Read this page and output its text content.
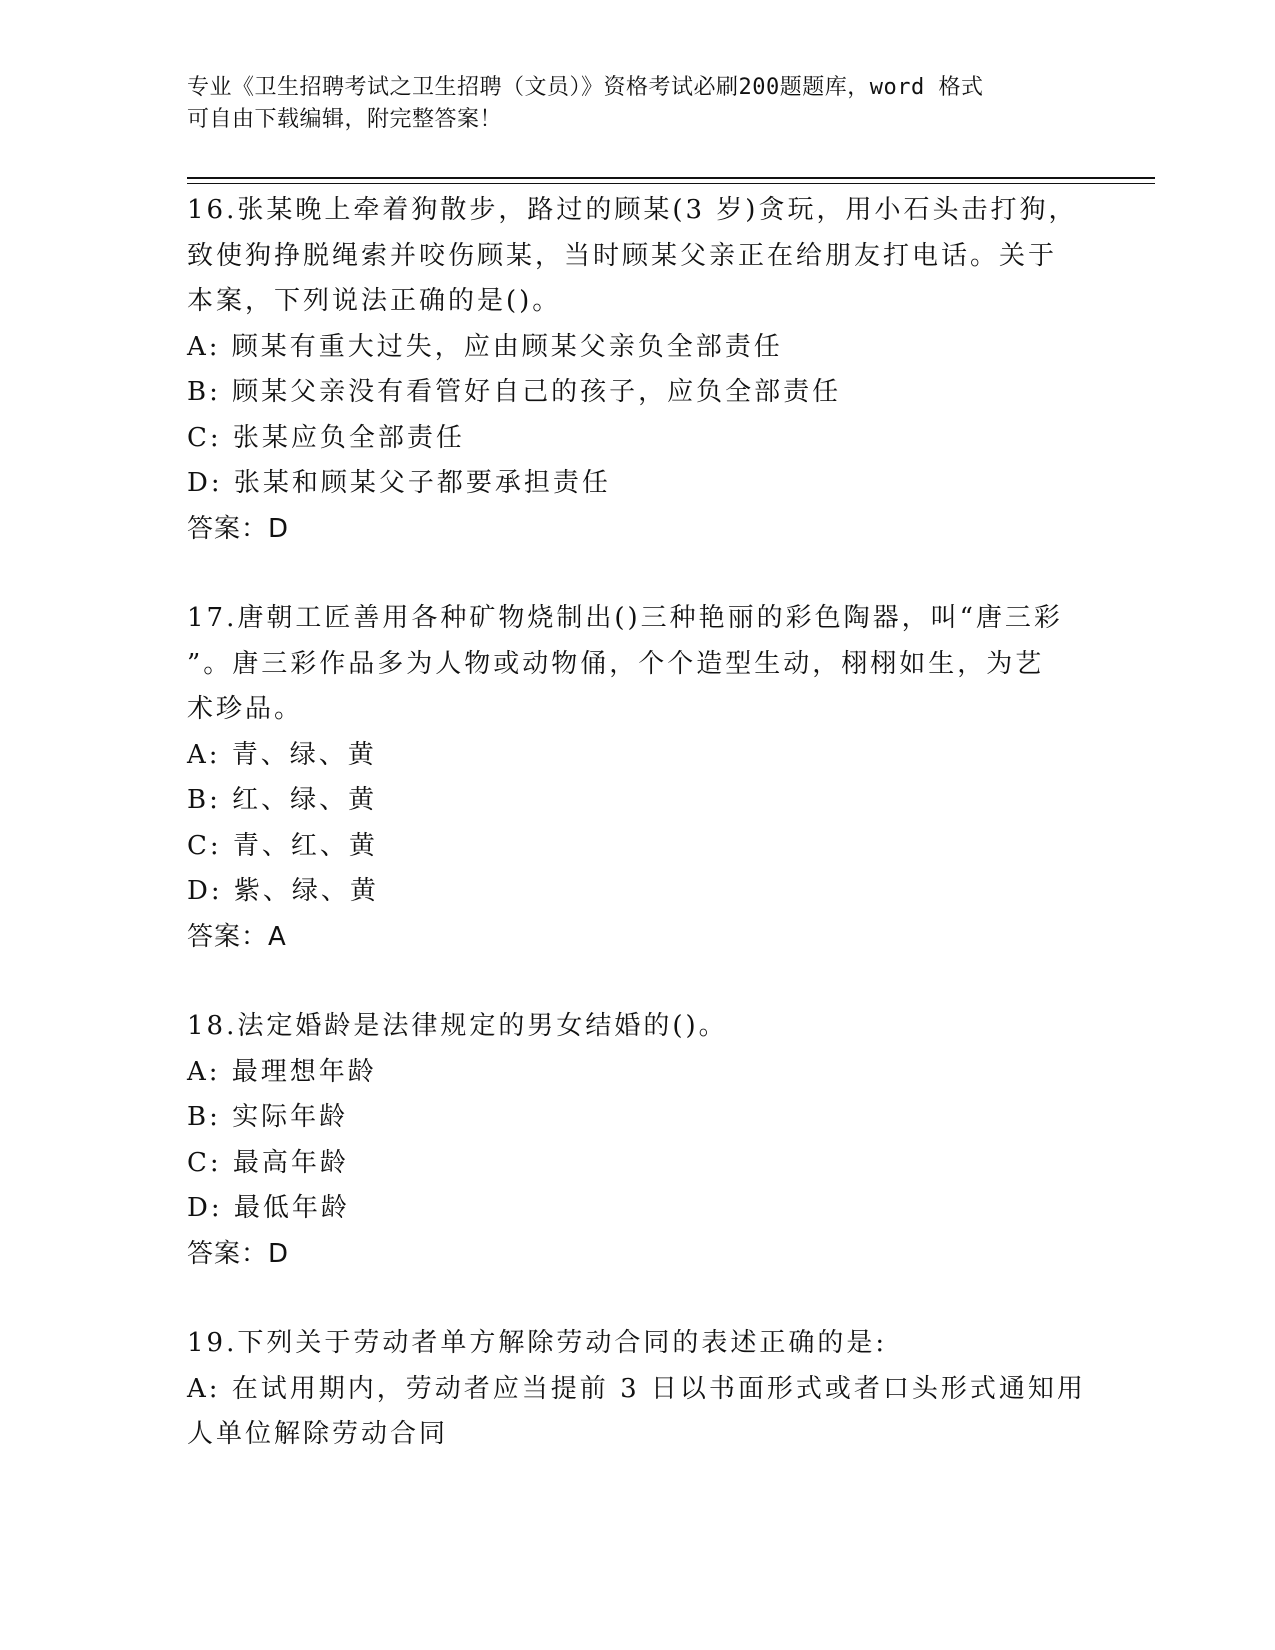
专业《卫生招聘考试之卫生招聘（文员）》资格考试必刷200题题库，word 格式
可自由下载编辑，附完整答案！
16.张某晚上牵着狗散步，路过的顾某(3 岁)贪玩，用小石头击打狗，
致使狗挣脱绳索并咬伤顾某，当时顾某父亲正在给朋友打电话。关于
本案，下列说法正确的是()。
A: 顾某有重大过失，应由顾某父亲负全部责任
B: 顾某父亲没有看管好自己的孩子，应负全部责任
C: 张某应负全部责任
D: 张某和顾某父子都要承担责任
答案：D
17.唐朝工匠善用各种矿物烧制出()三种艳丽的彩色陶器，叫“唐三彩
”。唐三彩作品多为人物或动物俑，个个造型生动，栩栩如生，为艺
术珍品。
A: 青、绿、黄
B: 红、绿、黄
C: 青、红、黄
D: 紫、绿、黄
答案：A
18.法定婚龄是法律规定的男女结婚的()。
A: 最理想年龄
B: 实际年龄
C: 最高年龄
D: 最低年龄
答案：D
19.下列关于劳动者单方解除劳动合同的表述正确的是:
A: 在试用期内，劳动者应当提前 3 日以书面形式或者口头形式通知用
人单位解除劳动合同
